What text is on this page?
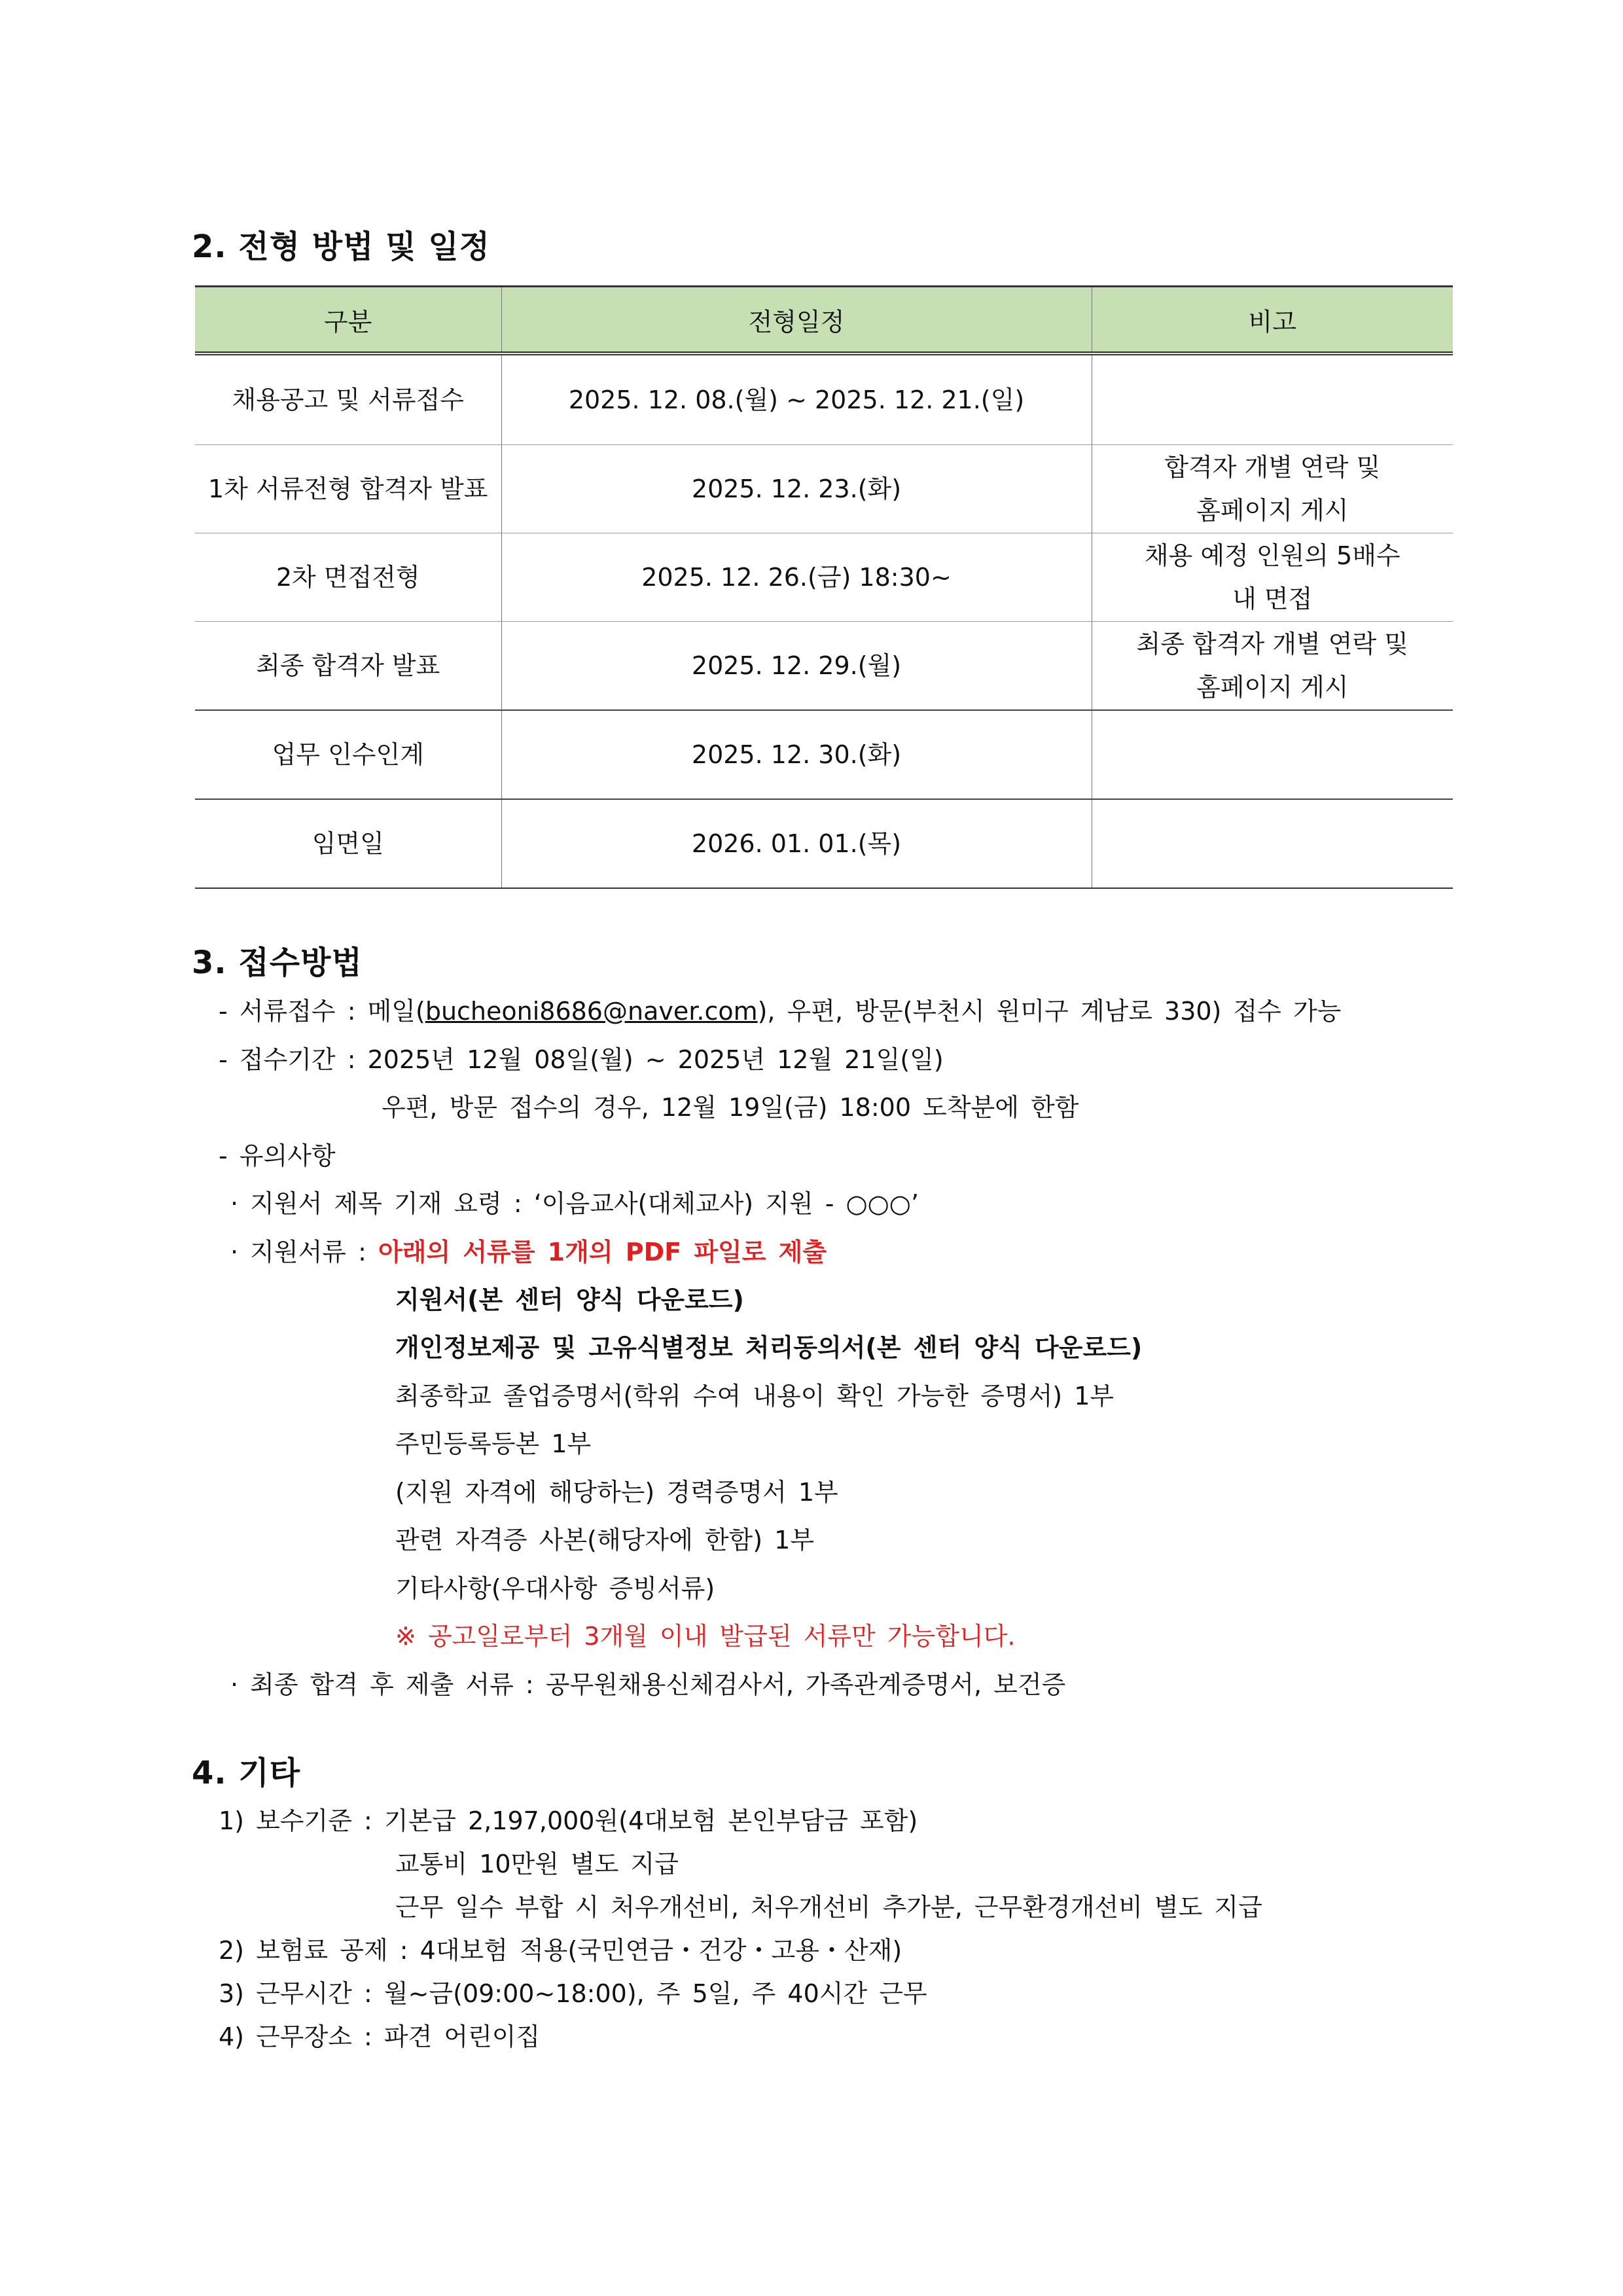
2. 전형 방법 및 일정
구분	전형일정	비고
채용공고 및 서류접수	2025. 12. 08.(월) ~ 2025. 12. 21.(일)	

1차 서류전형 합격자 발표	2025. 12. 23.(화)	합격자 개별 연락 및
홈페이지 게시

2차 면접전형	2025. 12. 26.(금) 18:30~	채용 예정 인원의 5배수
내 면접

최종 합격자 발표	2025. 12. 29.(월)	최종 합격자 개별 연락 및
홈페이지 게시

업무 인수인계	2025. 12. 30.(화)	
임면일	2026. 01. 01.(목)	
3. 접수방법
- 서류접수 : 메일(bucheoni8686@naver.com), 우편, 방문(부천시 원미구 계남로 330) 접수 가능
- 접수기간 : 2025년 12월 08일(월) ~ 2025년 12월 21일(일)
우편, 방문 접수의 경우, 12월 19일(금) 18:00 도착분에 한함
- 유의사항
· 지원서 제목 기재 요령 : ‘이음교사(대체교사) 지원 - ○○○’
· 지원서류 : 아래의 서류를 1개의 PDF 파일로 제출
지원서(본 센터 양식 다운로드)
개인정보제공 및 고유식별정보 처리동의서(본 센터 양식 다운로드)
최종학교 졸업증명서(학위 수여 내용이 확인 가능한 증명서) 1부
주민등록등본 1부
(지원 자격에 해당하는) 경력증명서 1부
관련 자격증 사본(해당자에 한함) 1부
기타사항(우대사항 증빙서류)
※ 공고일로부터 3개월 이내 발급된 서류만 가능합니다.
· 최종 합격 후 제출 서류 : 공무원채용신체검사서, 가족관계증명서, 보건증
4. 기타
1) 보수기준 : 기본급 2,197,000원(4대보험 본인부담금 포함)
교통비 10만원 별도 지급
근무 일수 부합 시 처우개선비, 처우개선비 추가분, 근무환경개선비 별도 지급
2) 보험료 공제 : 4대보험 적용(국민연금・건강・고용・산재)
3) 근무시간 : 월~금(09:00~18:00), 주 5일, 주 40시간 근무
4) 근무장소 : 파견 어린이집
